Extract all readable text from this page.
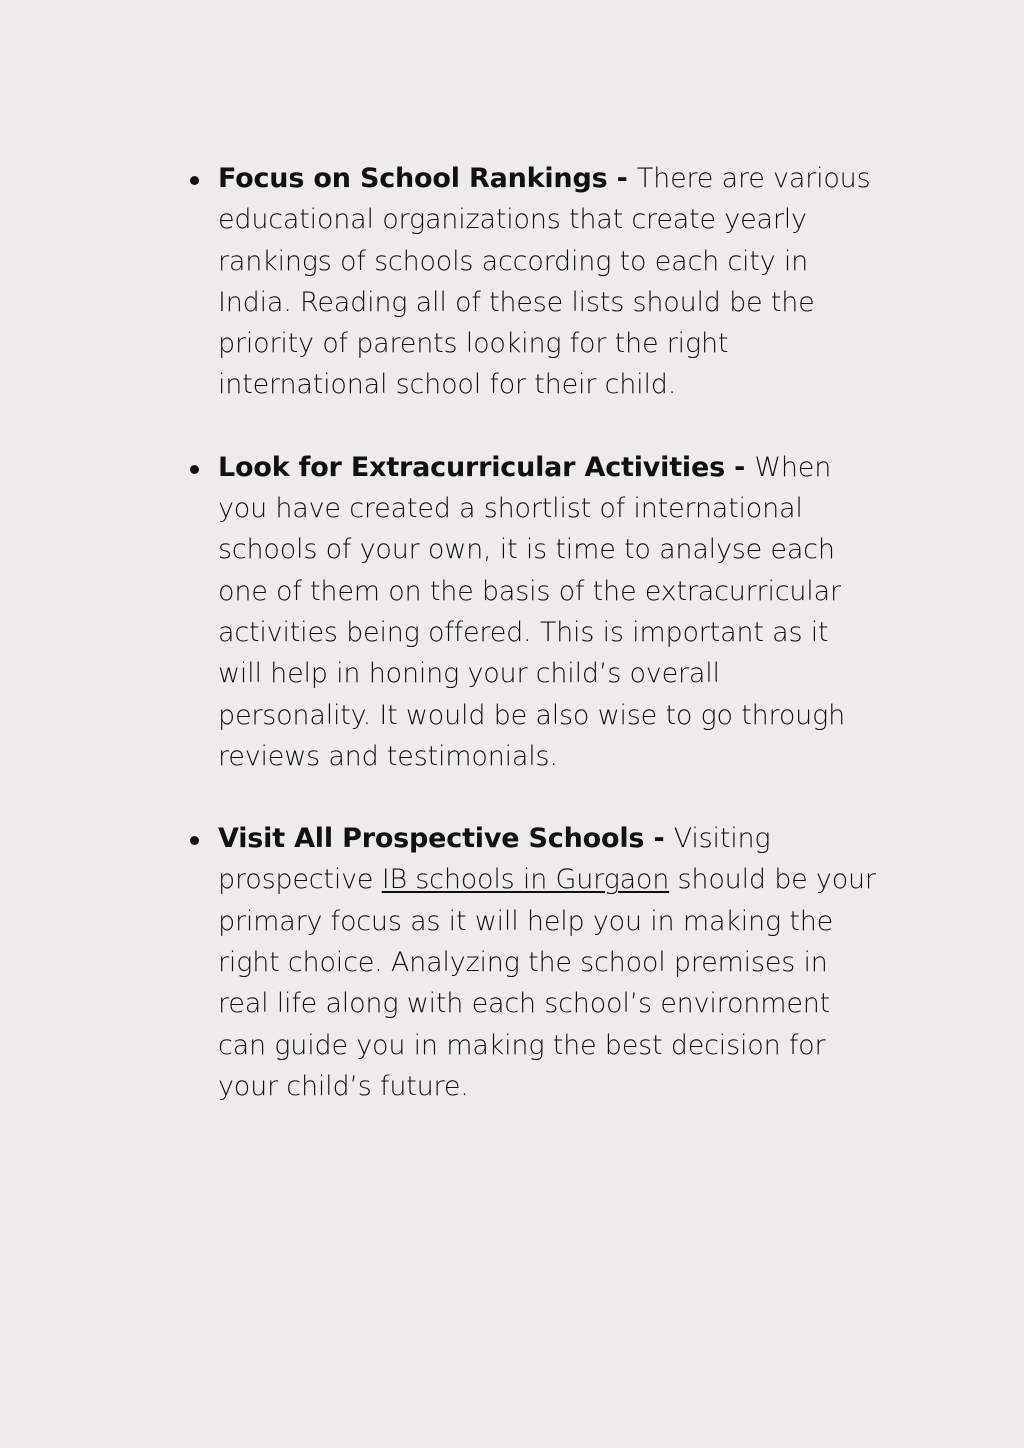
Focus on School Rankings - There are various educational organizations that create yearly rankings of schools according to each city in India. Reading all of these lists should be the priority of parents looking for the right international school for their child.
Look for Extracurricular Activities - When you have created a shortlist of international schools of your own, it is time to analyse each one of them on the basis of the extracurricular activities being offered. This is important as it will help in honing your child’s overall personality. It would be also wise to go through reviews and testimonials.
Visit All Prospective Schools - Visiting prospective IB schools in Gurgaon should be your primary focus as it will help you in making the right choice. Analyzing the school premises in real life along with each school’s environment can guide you in making the best decision for your child’s future.
